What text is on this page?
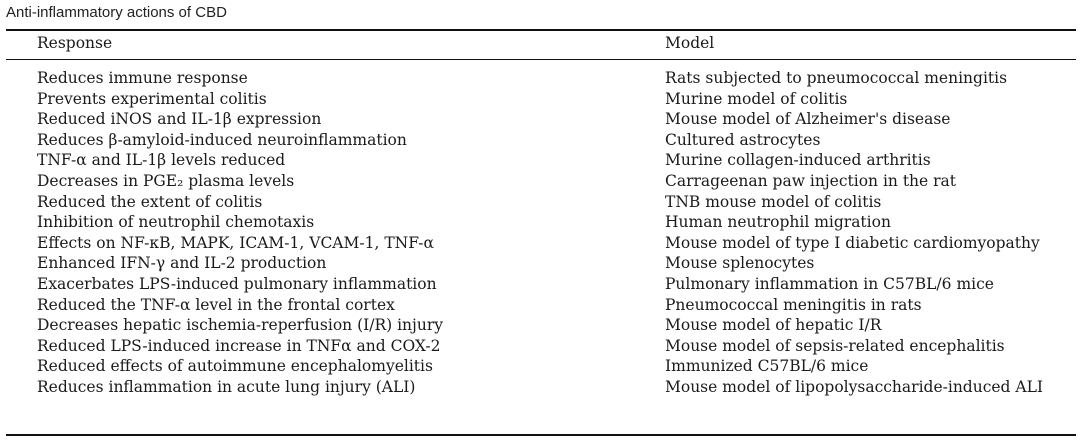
Anti-inflammatory actions of CBD
Response	Model
Reduces immune response	Rats subjected to pneumococcal meningitis
Prevents experimental colitis	Murine model of colitis
Reduced iNOS and IL-1β expression	Mouse model of Alzheimer's disease
Reduces β-amyloid-induced neuroinflammation	Cultured astrocytes
TNF-α and IL-1β levels reduced	Murine collagen-induced arthritis
Decreases in PGE₂ plasma levels	Carrageenan paw injection in the rat
Reduced the extent of colitis	TNB mouse model of colitis
Inhibition of neutrophil chemotaxis	Human neutrophil migration
Effects on NF-κB, MAPK, ICAM-1, VCAM-1, TNF-α	Mouse model of type I diabetic cardiomyopathy
Enhanced IFN-γ and IL-2 production	Mouse splenocytes
Exacerbates LPS-induced pulmonary inflammation	Pulmonary inflammation in C57BL/6 mice
Reduced the TNF-α level in the frontal cortex	Pneumococcal meningitis in rats
Decreases hepatic ischemia-reperfusion (I/R) injury	Mouse model of hepatic I/R
Reduced LPS-induced increase in TNFα and COX-2	Mouse model of sepsis-related encephalitis
Reduced effects of autoimmune encephalomyelitis	Immunized C57BL/6 mice
Reduces inflammation in acute lung injury (ALI)	Mouse model of lipopolysaccharide-induced ALI
